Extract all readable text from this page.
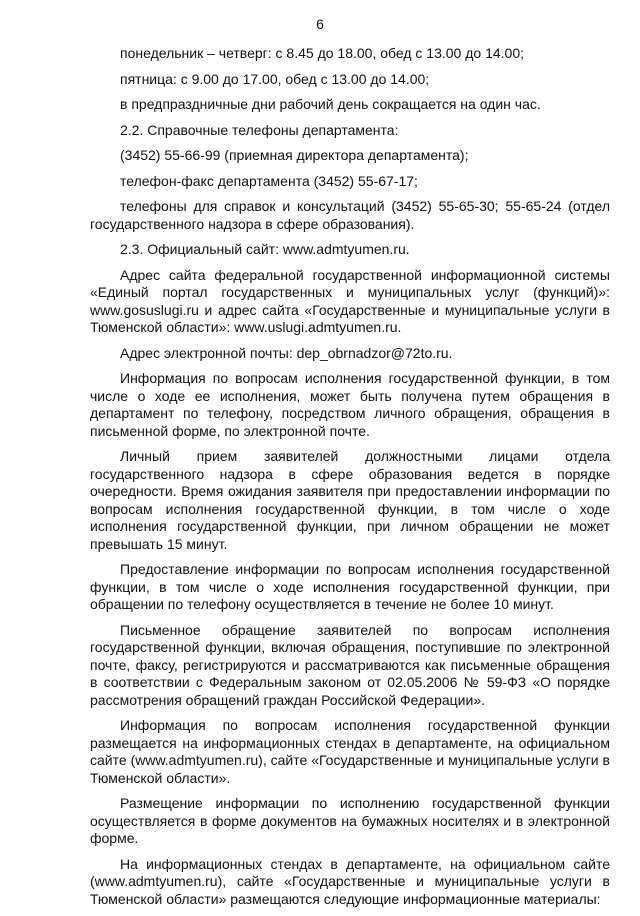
6

понедельник – четверг: с 8.45 до 18.00, обед с 13.00 до 14.00;

пятница: с 9.00 до 17.00, обед с 13.00 до 14.00;

в предпраздничные дни рабочий день сокращается на один час.

2.2. Справочные телефоны департамента:

(3452) 55-66-99 (приемная директора департамента);

телефон-факс департамента (3452) 55-67-17;

телефоны для справок и консультаций (3452) 55-65-30; 55-65-24 (отдел государственного надзора в сфере образования).

2.3. Официальный сайт: www.admtyumen.ru.

Адрес сайта федеральной государственной информационной системы «Единый портал государственных и муниципальных услуг (функций)»: www.gosuslugi.ru и адрес сайта «Государственные и муниципальные услуги в Тюменской области»: www.uslugi.admtyumen.ru.

Адрес электронной почты: dep_obrnadzor@72to.ru.

Информация по вопросам исполнения государственной функции, в том числе о ходе ее исполнения, может быть получена путем обращения в департамент по телефону, посредством личного обращения, обращения в письменной форме, по электронной почте.

Личный прием заявителей должностными лицами отдела государственного надзора в сфере образования ведется в порядке очередности. Время ожидания заявителя при предоставлении информации по вопросам исполнения государственной функции, в том числе о ходе исполнения государственной функции, при личном обращении не может превышать 15 минут.

Предоставление информации по вопросам исполнения государственной функции, в том числе о ходе исполнения государственной функции, при обращении по телефону осуществляется в течение не более 10 минут.

Письменное обращение заявителей по вопросам исполнения государственной функции, включая обращения, поступившие по электронной почте, факсу, регистрируются и рассматриваются как письменные обращения в соответствии с Федеральным законом от 02.05.2006 № 59-ФЗ «О порядке рассмотрения обращений граждан Российской Федерации».

Информация по вопросам исполнения государственной функции размещается на информационных стендах в департаменте, на официальном сайте (www.admtyumen.ru), сайте «Государственные и муниципальные услуги в Тюменской области».

Размещение информации по исполнению государственной функции осуществляется в форме документов на бумажных носителях и в электронной форме.

На информационных стендах в департаменте, на официальном сайте (www.admtyumen.ru), сайте «Государственные и муниципальные услуги в Тюменской области» размещаются следующие информационные материалы:
